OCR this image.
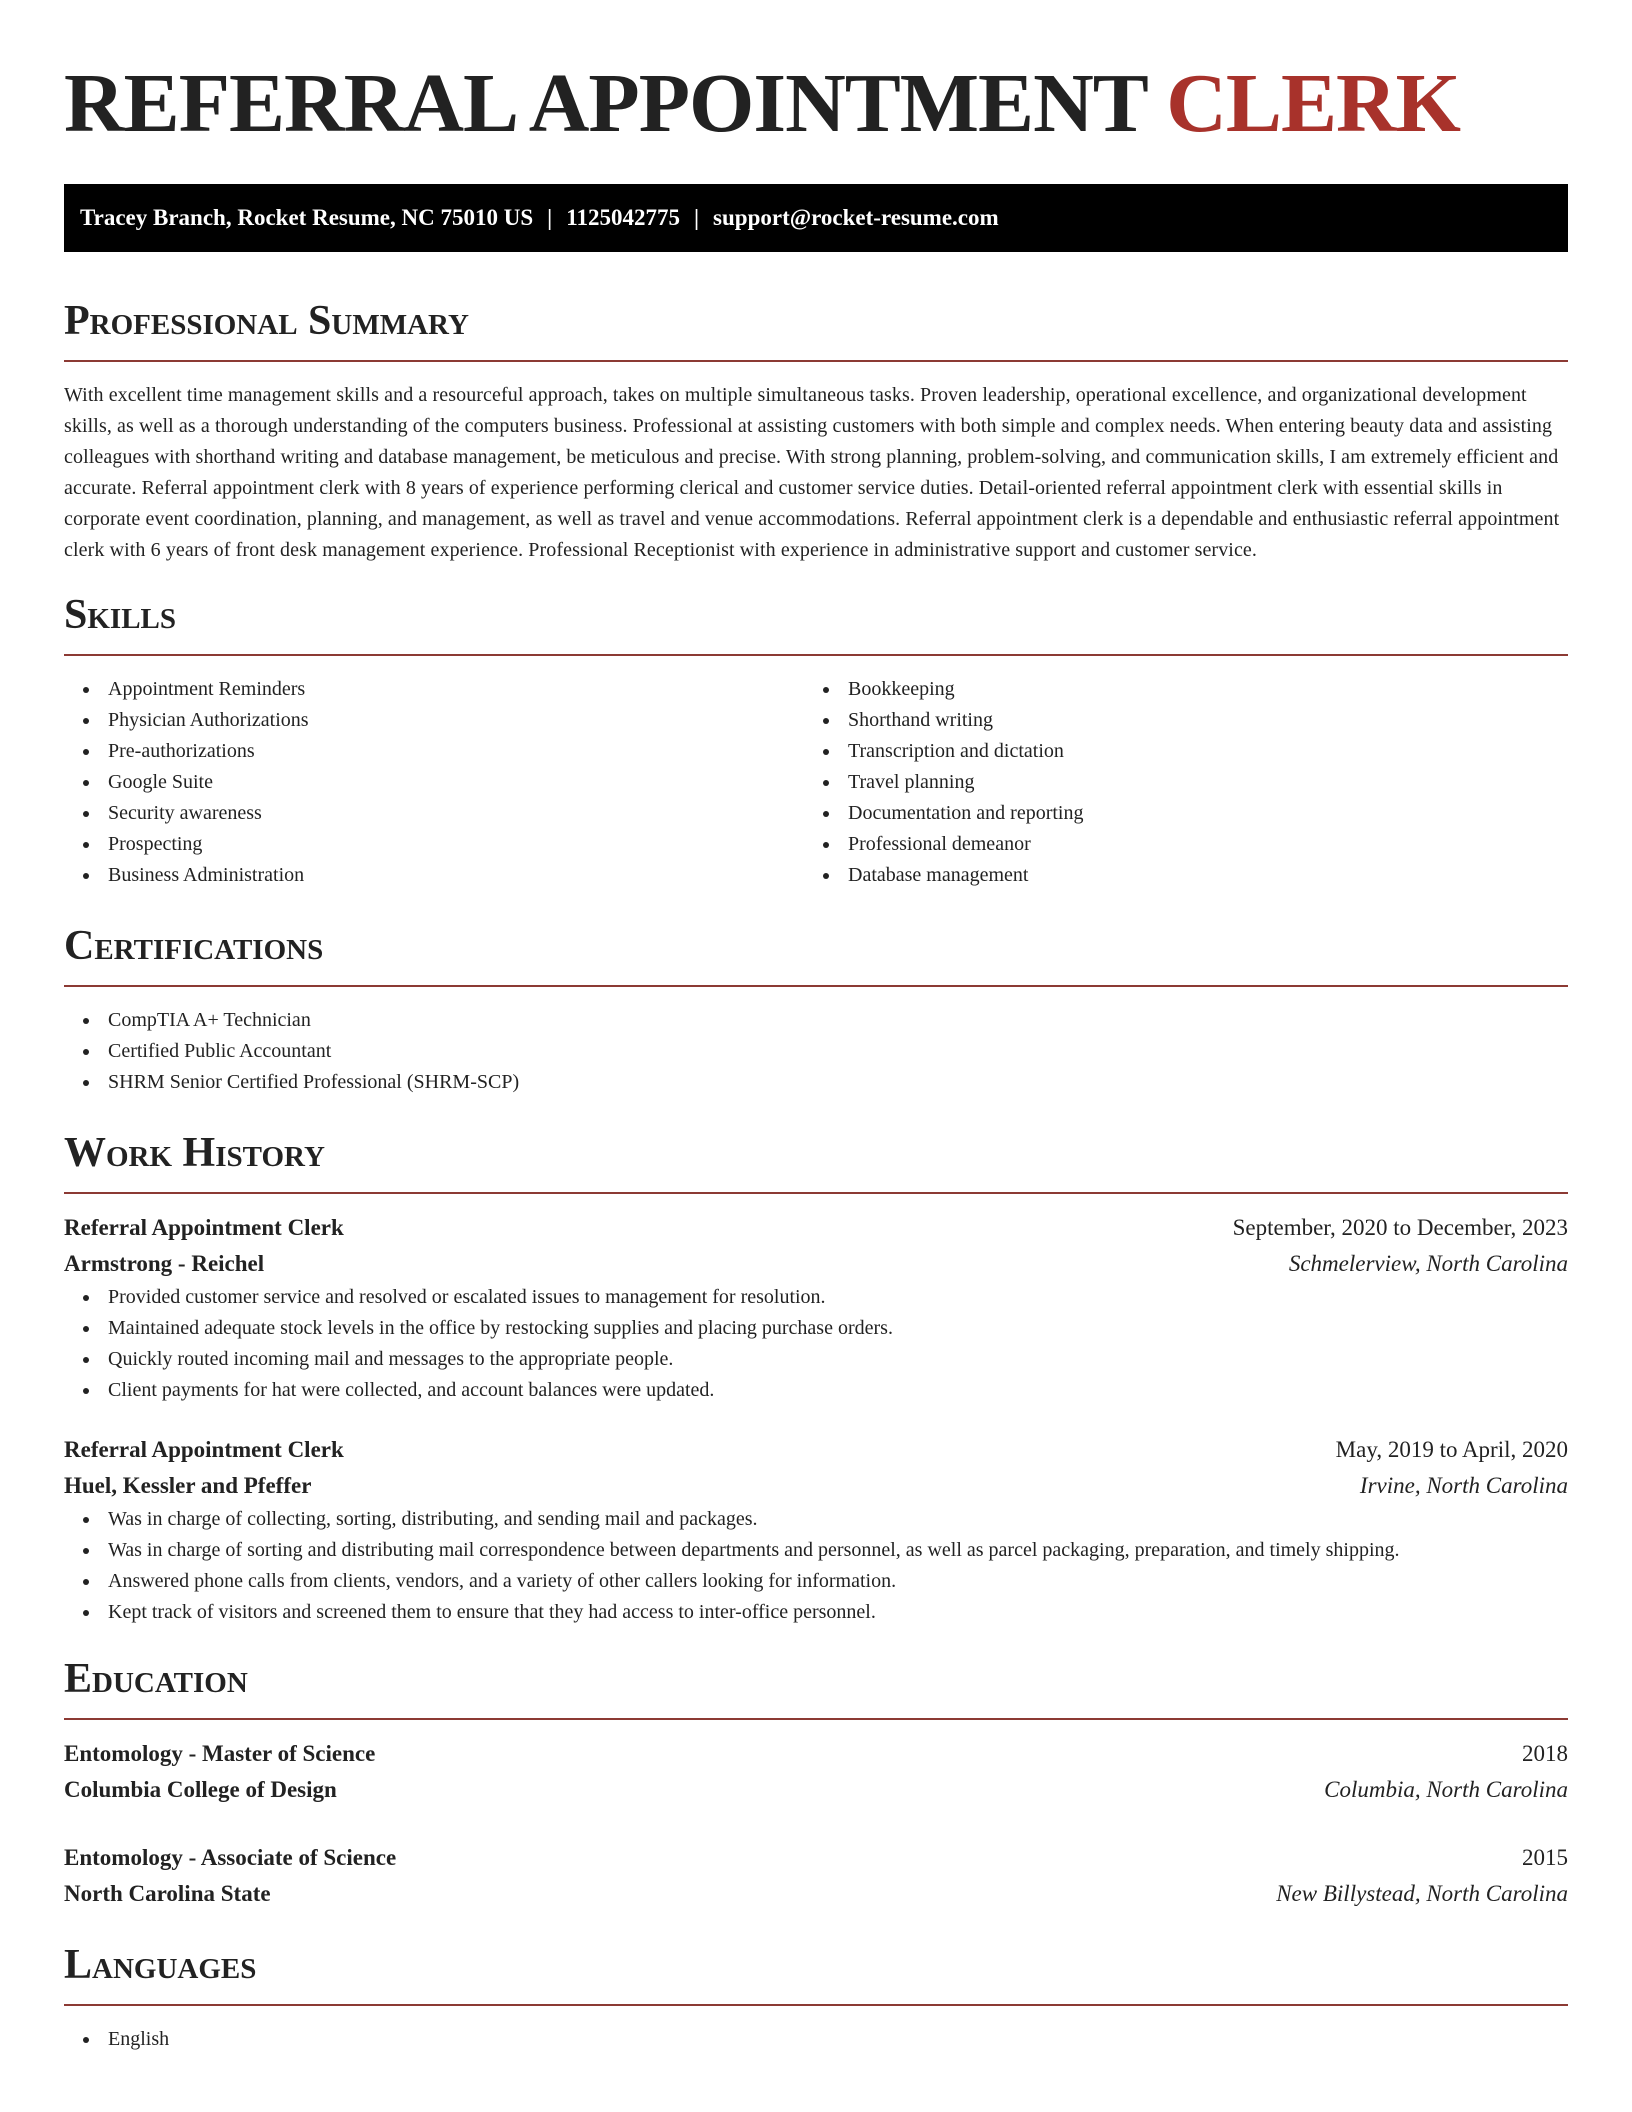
REFERRAL APPOINTMENT CLERK
Tracey Branch, Rocket Resume, NC 75010 US | 1125042775 | support@rocket-resume.com
Professional Summary

With excellent time management skills and a resourceful approach, takes on multiple simultaneous tasks. Proven leadership, operational excellence, and organizational development skills, as well as a thorough understanding of the computers business. Professional at assisting customers with both simple and complex needs. When entering beauty data and assisting colleagues with shorthand writing and database management, be meticulous and precise. With strong planning, problem-solving, and communication skills, I am extremely efficient and accurate. Referral appointment clerk with 8 years of experience performing clerical and customer service duties. Detail-oriented referral appointment clerk with essential skills in corporate event coordination, planning, and management, as well as travel and venue accommodations. Referral appointment clerk is a dependable and enthusiastic referral appointment clerk with 6 years of front desk management experience. Professional Receptionist with experience in administrative support and customer service.

Skills
Appointment Reminders
Physician Authorizations
Pre-authorizations
Google Suite
Security awareness
Prospecting
Business Administration
Bookkeeping
Shorthand writing
Transcription and dictation
Travel planning
Documentation and reporting
Professional demeanor
Database management
Certifications
CompTIA A+ Technician
Certified Public Accountant
SHRM Senior Certified Professional (SHRM-SCP)
Work History
Referral Appointment Clerk	September, 2020 to December, 2023
Armstrong - Reichel	Schmelerview, North Carolina
Provided customer service and resolved or escalated issues to management for resolution.
Maintained adequate stock levels in the office by restocking supplies and placing purchase orders.
Quickly routed incoming mail and messages to the appropriate people.
Client payments for hat were collected, and account balances were updated.
Referral Appointment Clerk	May, 2019 to April, 2020
Huel, Kessler and Pfeffer	Irvine, North Carolina
Was in charge of collecting, sorting, distributing, and sending mail and packages.
Was in charge of sorting and distributing mail correspondence between departments and personnel, as well as parcel packaging, preparation, and timely shipping.
Answered phone calls from clients, vendors, and a variety of other callers looking for information.
Kept track of visitors and screened them to ensure that they had access to inter-office personnel.
Education
Entomology - Master of Science	2018
Columbia College of Design	Columbia, North Carolina
Entomology - Associate of Science	2015
North Carolina State	New Billystead, North Carolina
Languages
English
